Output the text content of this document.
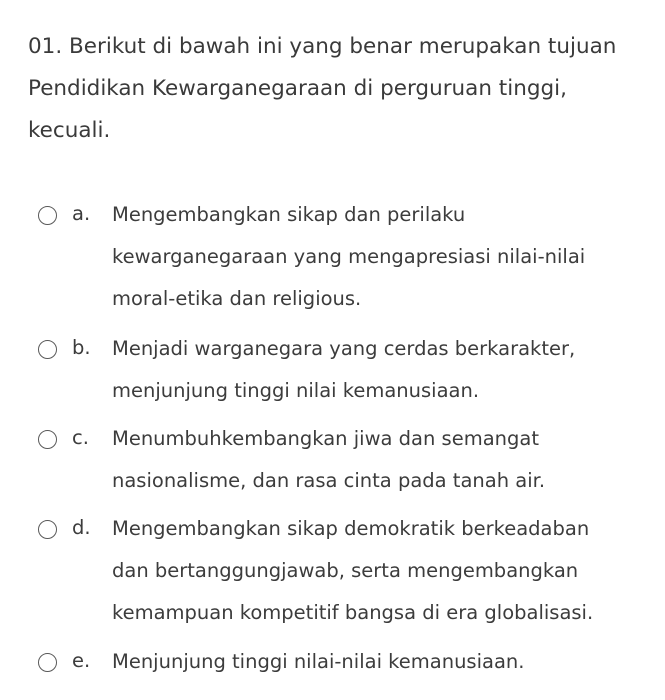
01. Berikut di bawah ini yang benar merupakan tujuan
Pendidikan Kewarganegaraan di perguruan tinggi,
kecuali.
a. Mengembangkan sikap dan perilaku
kewarganegaraan yang mengapresiasi nilai-nilai
moral-etika dan religious.
b. Menjadi warganegara yang cerdas berkarakter,
menjunjung tinggi nilai kemanusiaan.
c. Menumbuhkembangkan jiwa dan semangat
nasionalisme, dan rasa cinta pada tanah air.
d. Mengembangkan sikap demokratik berkeadaban
dan bertanggungjawab, serta mengembangkan
kemampuan kompetitif bangsa di era globalisasi.
e. Menjunjung tinggi nilai-nilai kemanusiaan.
